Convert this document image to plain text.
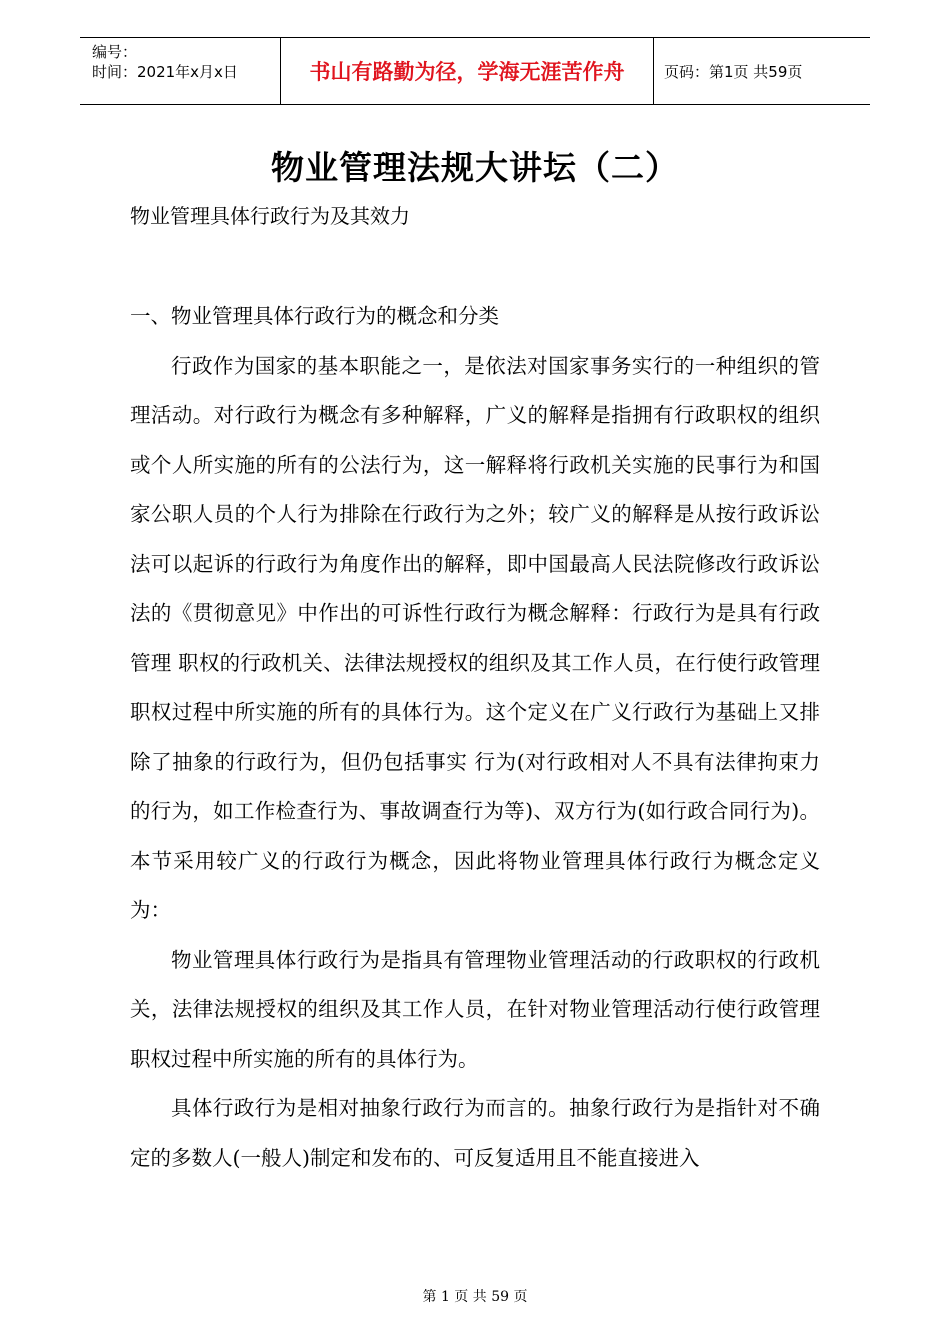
编号：
时间：2021年x月x日	书山有路勤为径，学海无涯苦作舟	页码：第1页 共59页
物业管理法规大讲坛（二）
物业管理具体行政行为及其效力
一、物业管理具体行政行为的概念和分类

行政作为国家的基本职能之一，是依法对国家事务实行的一种组织的管理活动。对行政行为概念有多种解释，广义的解释是指拥有行政职权的组织或个人所实施的所有的公法行为，这一解释将行政机关实施的民事行为和国家公职人员的个人行为排除在行政行为之外；较广义的解释是从按行政诉讼法可以起诉的行政行为角度作出的解释，即中国最高人民法院修改行政诉讼法的《贯彻意见》中作出的可诉性行政行为概念解释：行政行为是具有行政管理 职权的行政机关、法律法规授权的组织及其工作人员，在行使行政管理职权过程中所实施的所有的具体行为。这个定义在广义行政行为基础上又排除了抽象的行政行为，但仍包括事实 行为(对行政相对人不具有法律拘束力的行为，如工作检查行为、事故调查行为等)、双方行为(如行政合同行为)。本节采用较广义的行政行为概念，因此将物业管理具体行政行为概念定义为：

物业管理具体行政行为是指具有管理物业管理活动的行政职权的行政机关，法律法规授权的组织及其工作人员，在针对物业管理活动行使行政管理职权过程中所实施的所有的具体行为。

具体行政行为是相对抽象行政行为而言的。抽象行政行为是指针对不确定的多数人(一般人)制定和发布的、可反复适用且不能直接进入

第 1 页 共 59 页
